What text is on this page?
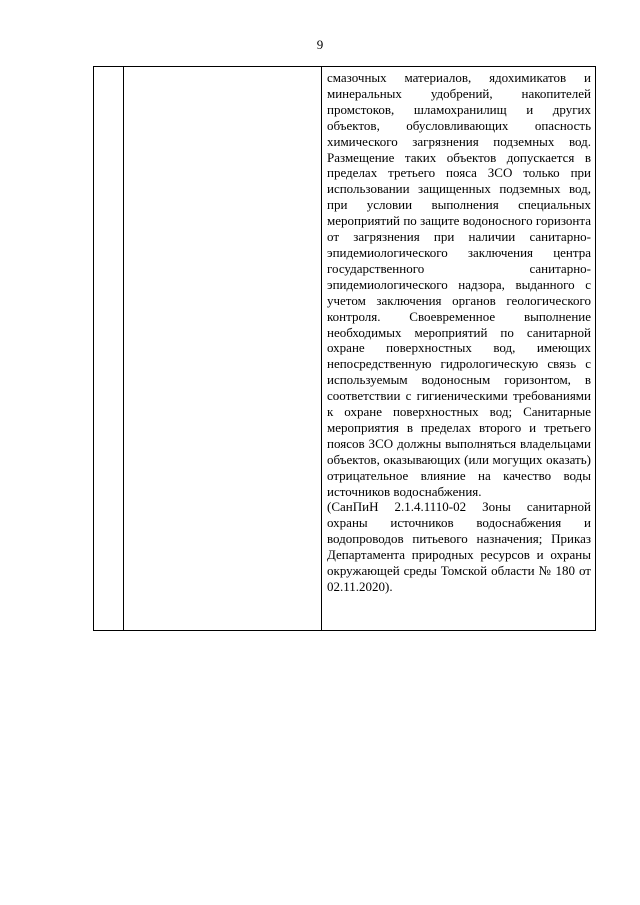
9

смазочных материалов, ядохимикатов и минеральных удобрений, накопителей промстоков, шламохранилищ и других объектов, обусловливающих опасность химического загрязнения подземных вод. Размещение таких объектов допускается в пределах третьего пояса ЗСО только при использовании защищенных подземных вод, при условии выполнения специальных мероприятий по защите водоносного горизонта от загрязнения при наличии санитарно- эпидемиологического заключения центра государственного санитарно-эпидемиологического надзора, выданного с учетом заключения органов геологического контроля. Своевременное выполнение необходимых мероприятий по санитарной охране поверхностных вод, имеющих непосредственную гидрологическую связь с используемым водоносным горизонтом, в соответствии с гигиеническими требованиями к охране поверхностных вод; Санитарные мероприятия в пределах второго и третьего поясов ЗСО должны выполняться владельцами объектов, оказывающих (или могущих оказать) отрицательное влияние на качество воды источников водоснабжения.

(СанПиН 2.1.4.1110-02 Зоны санитарной охраны источников водоснабжения и водопроводов питьевого назначения; Приказ Департамента природных ресурсов и охраны окружающей среды Томской области № 180 от 02.11.2020).
